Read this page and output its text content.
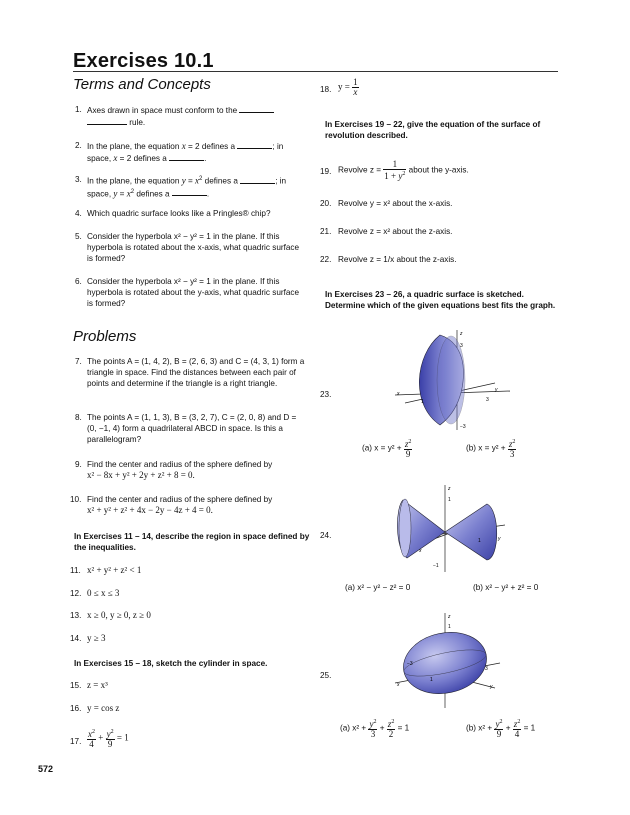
Exercises 10.1
Terms and Concepts
1. Axes drawn in space must conform to the
rule.
2. In the plane, the equation x = 2 defines a	; in
space, x = 2 defines a	.
3. In the plane, the equation $y = x^2$ defines a	; in
space, $y = x^2$ defines a	.
4. Which quadric surface looks like a Pringles® chip?
5. Consider the hyperbola x² − y² = 1 in the plane. If this hyperbola is rotated about the x-axis, what quadric surface is formed?
6. Consider the hyperbola x² − y² = 1 in the plane. If this hyperbola is rotated about the y-axis, what quadric surface is formed?
Problems
7. The points A = (1, 4, 2), B = (2, 6, 3) and C = (4, 3, 1) form a triangle in space. Find the distances between each pair of points and determine if the triangle is a right triangle.
8. The points A = (1, 1, 3), B = (3, 2, 7), C = (2, 0, 8) and D = (0, −1, 4) form a quadrilateral ABCD in space. Is this a parallelogram?
9. Find the center and radius of the sphere defined by
x² − 8x + y² + 2y + z² + 8 = 0.
10. Find the center and radius of the sphere defined by
x² + y² + z² + 4x − 2y − 4z + 4 = 0.
In Exercises 11 – 14, describe the region in space defined by the inequalities.
11. x² + y² + z² < 1
12. 0 ≤ x ≤ 3
13. x ≥ 0, y ≥ 0, z ≥ 0
14. y ≥ 3
In Exercises 15 – 18, sketch the cylinder in space.
15. z = x³
16. y = cos z
17. $\frac{x^2}{4} + \frac{y^2}{9} = 1$
18. $y = \frac{1}{x}$
In Exercises 19 – 22, give the equation of the surface of revolution described.
19. Revolve $z = \frac{1}{1 + y^2}$ about the y-axis.
20. Revolve y = x² about the x-axis.
21. Revolve z = x² about the z-axis.
22. Revolve z = 1/x about the z-axis.
In Exercises 23 – 26, a quadric surface is sketched. Determine which of the given equations best fits the graph.
23.
z
3
−3
x
1
y
3
(a) $x = y^2 + \frac{z^2}{9}$	(b) $x = y^2 + \frac{z^2}{3}$
24.
z
1
−1
x
y
1
(a) x² − y² − z² = 0	(b) x² − y² + z² = 0
25.
z
1
x
1
−3
y
3
(a) $x^2 + \frac{y^2}{3} + \frac{z^2}{2} = 1$	(b) $x^2 + \frac{y^2}{9} + \frac{z^2}{4} = 1$
572
